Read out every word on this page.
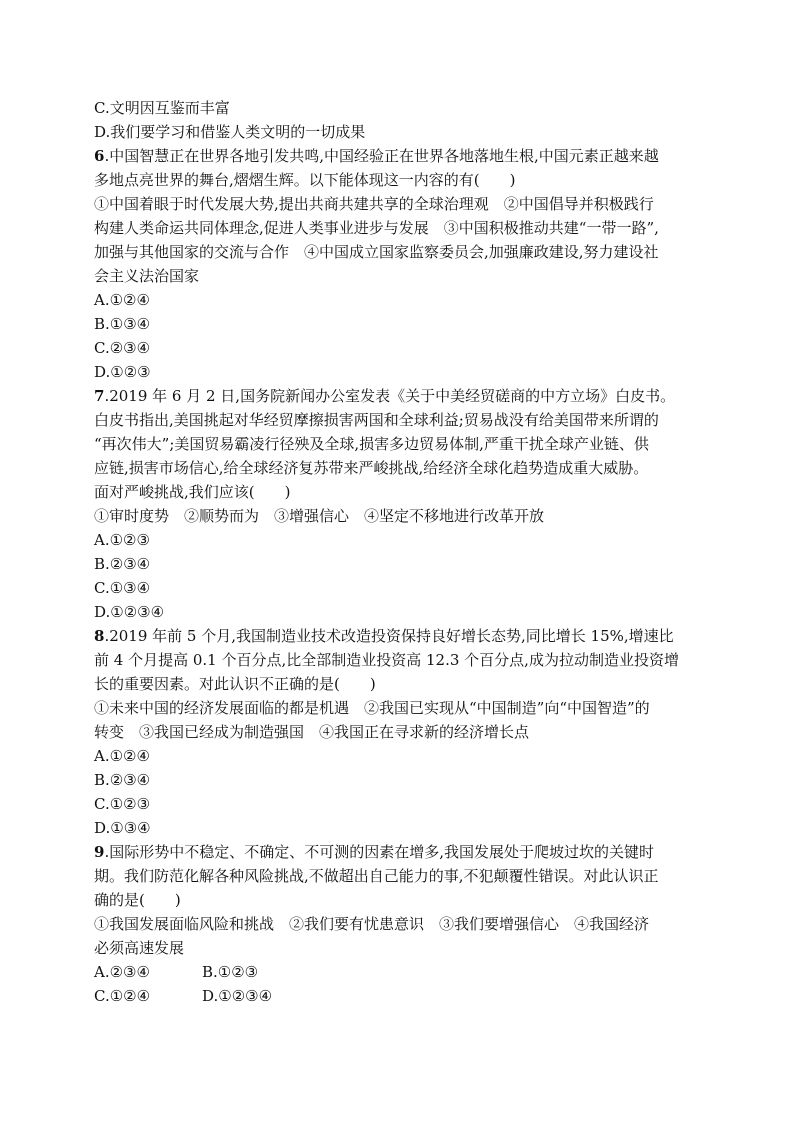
C.文明因互鉴而丰富
D.我们要学习和借鉴人类文明的一切成果
6.中国智慧正在世界各地引发共鸣,中国经验正在世界各地落地生根,中国元素正越来越
多地点亮世界的舞台,熠熠生辉。以下能体现这一内容的有(　　)
①中国着眼于时代发展大势,提出共商共建共享的全球治理观　②中国倡导并积极践行
构建人类命运共同体理念,促进人类事业进步与发展　③中国积极推动共建“一带一路”,
加强与其他国家的交流与合作　④中国成立国家监察委员会,加强廉政建设,努力建设社
会主义法治国家
A.①②④
B.①③④
C.②③④
D.①②③
7.2019 年 6 月 2 日,国务院新闻办公室发表《关于中美经贸磋商的中方立场》白皮书。
白皮书指出,美国挑起对华经贸摩擦损害两国和全球利益;贸易战没有给美国带来所谓的
“再次伟大”;美国贸易霸凌行径殃及全球,损害多边贸易体制,严重干扰全球产业链、供
应链,损害市场信心,给全球经济复苏带来严峻挑战,给经济全球化趋势造成重大威胁。
面对严峻挑战,我们应该(　　)
①审时度势　②顺势而为　③增强信心　④坚定不移地进行改革开放
A.①②③
B.②③④
C.①③④
D.①②③④
8.2019 年前 5 个月,我国制造业技术改造投资保持良好增长态势,同比增长 15%,增速比
前 4 个月提高 0.1 个百分点,比全部制造业投资高 12.3 个百分点,成为拉动制造业投资增
长的重要因素。对此认识不正确的是(　　)
①未来中国的经济发展面临的都是机遇　②我国已实现从“中国制造”向“中国智造”的
转变　③我国已经成为制造强国　④我国正在寻求新的经济增长点
A.①②④
B.②③④
C.①②③
D.①③④
9.国际形势中不稳定、不确定、不可测的因素在增多,我国发展处于爬坡过坎的关键时
期。我们防范化解各种风险挑战,不做超出自己能力的事,不犯颠覆性错误。对此认识正
确的是(　　)
①我国发展面临风险和挑战　②我们要有忧患意识　③我们要增强信心　④我国经济
必须高速发展
A.②③④	B.①②③
C.①②④	D.①②③④
